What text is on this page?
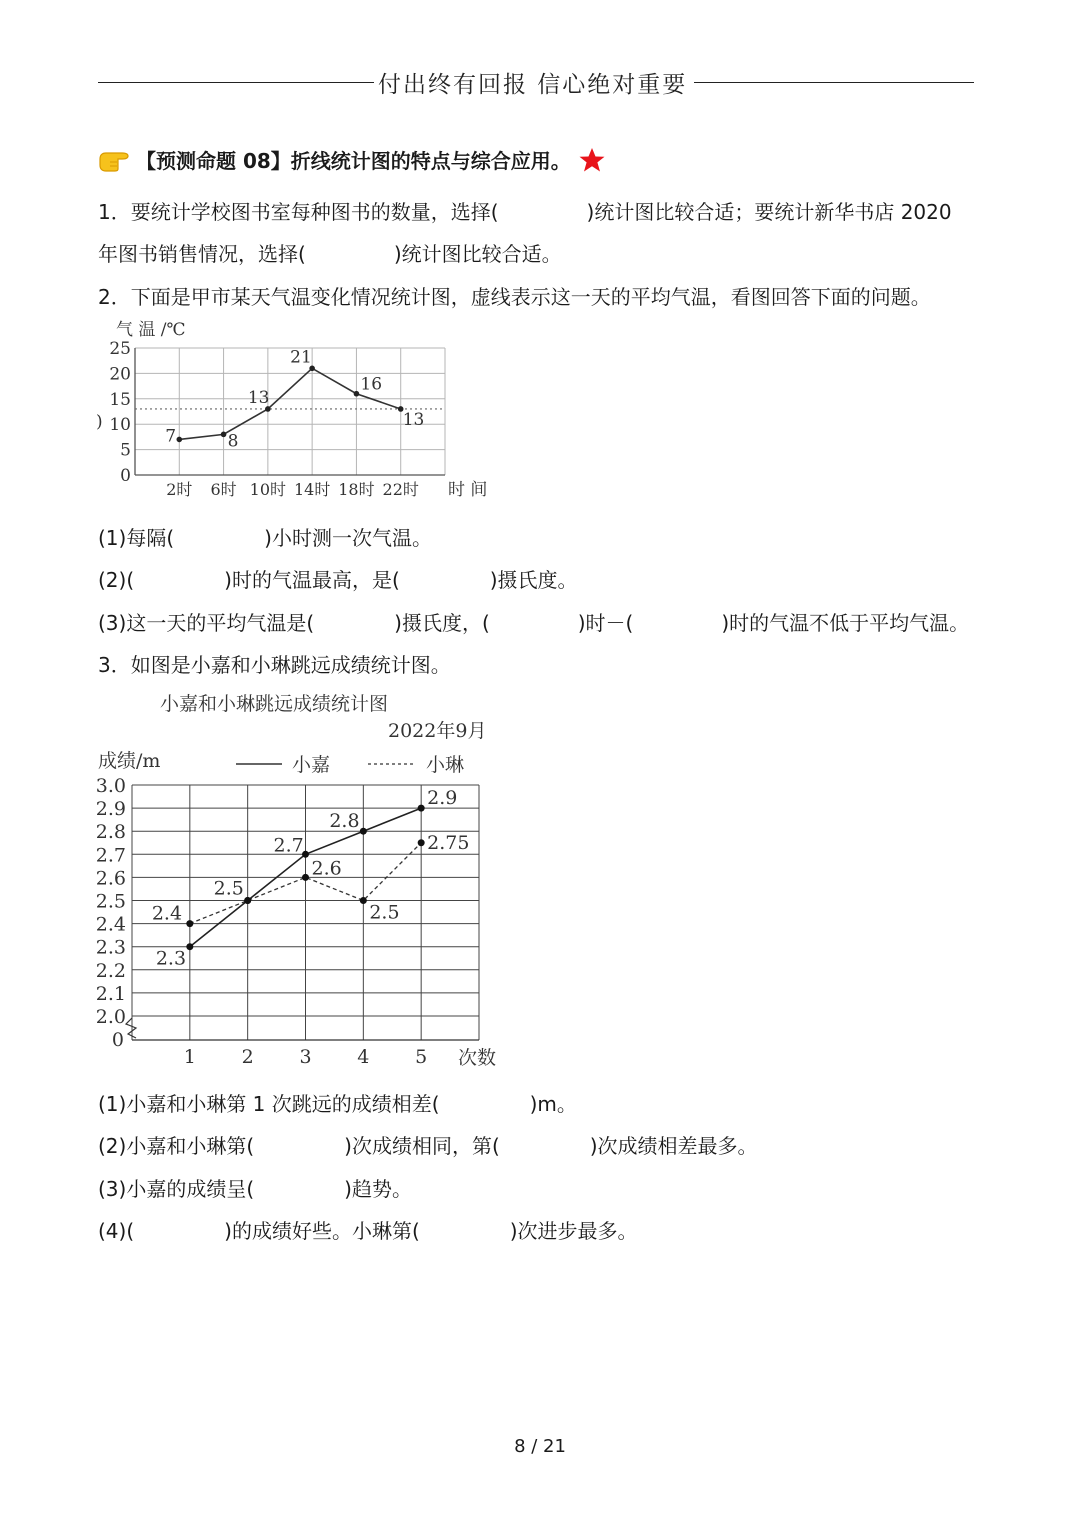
付出终有回报 信心绝对重要
【预测命题 08】折线统计图的特点与综合应用。
1．要统计学校图书室每种图书的数量，选择(	)统计图比较合适；要统计新华书店 2020
年图书销售情况，选择(	)统计图比较合适。
2．下面是甲市某天气温变化情况统计图，虚线表示这一天的平均气温，看图回答下面的问题。
0
5
10
15
20
25
气 温 /℃
时 间
)
2时 6时 10时 14时 18时 22时
7	8
13
21
16
13
(1)每隔(	)小时测一次气温。
(2)(	)时的气温最高，是(	)摄氏度。
(3)这一天的平均气温是(	)摄氏度，(	)时－(	)时的气温不低于平均气温。
3．如图是小嘉和小琳跳远成绩统计图。
小嘉和小琳跳远成绩统计图
2022年9月
成绩/m	小嘉	小琳
3.0
2.9
2.8
2.7
2.6
2.5
2.4
2.3
2.2
2.1
2.0
0
1 2 3 4 5 次数
2.3
2.5
2.7
2.8
2.9
2.4
2.6
2.5
2.75
(1)小嘉和小琳第 1 次跳远的成绩相差(	)m。
(2)小嘉和小琳第(	)次成绩相同，第(	)次成绩相差最多。
(3)小嘉的成绩呈(	)趋势。
(4)(	)的成绩好些。小琳第(	)次进步最多。
8 / 21
